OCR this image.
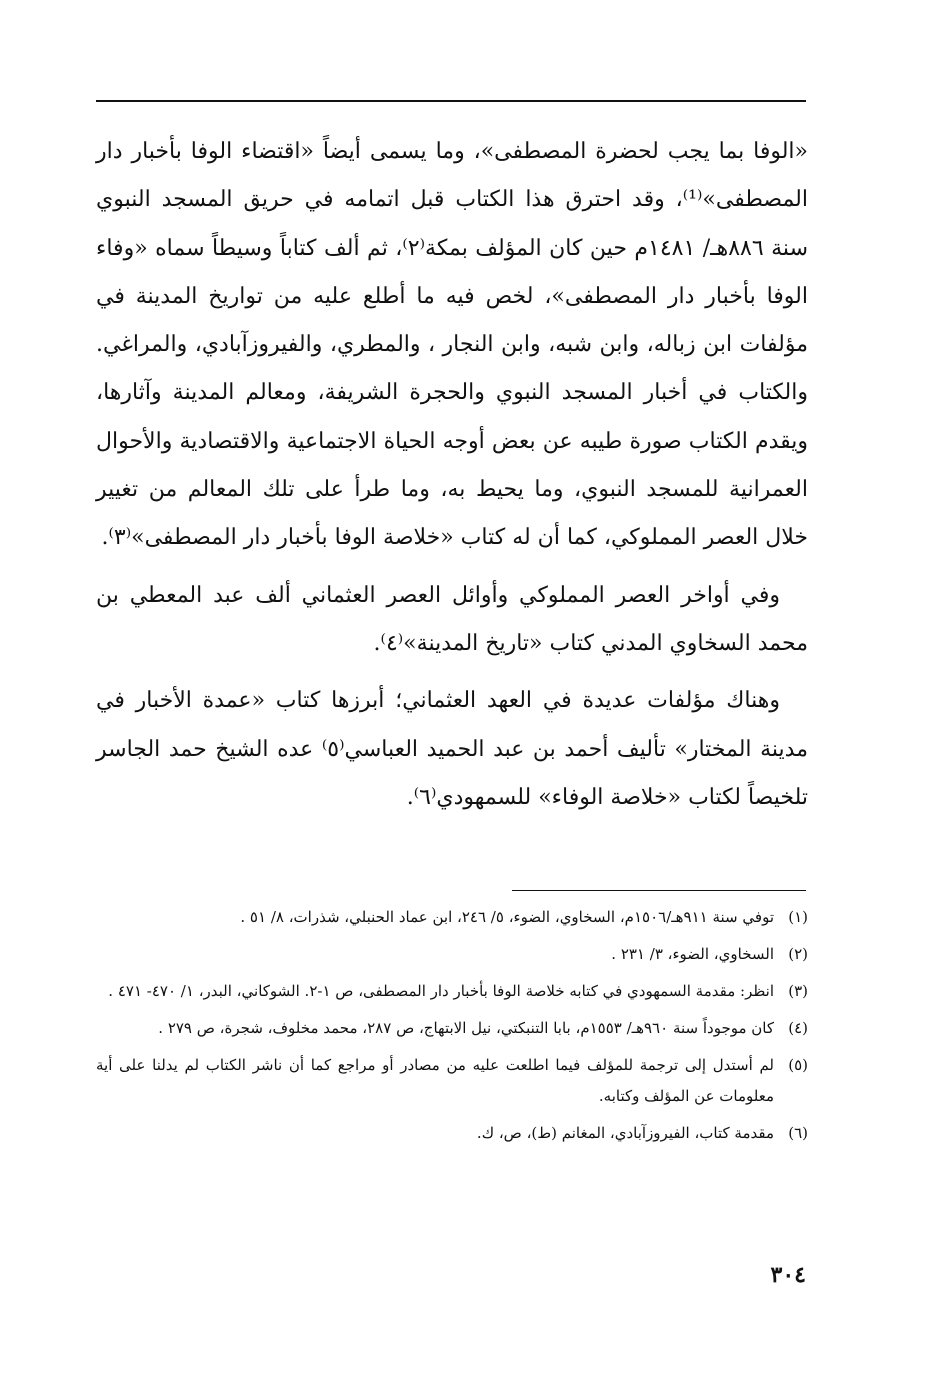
«الوفا بما يجب لحضرة المصطفى»، وما يسمى أيضاً «اقتضاء الوفا بأخبار دار المصطفى»⁽¹⁾، وقد احترق هذا الكتاب قبل اتمامه في حريق المسجد النبوي سنة ٨٨٦هـ/ ١٤٨١م حين كان المؤلف بمكة⁽٢⁾، ثم ألف كتاباً وسيطاً سماه «وفاء الوفا بأخبار دار المصطفى»، لخص فيه ما أطلع عليه من تواريخ المدينة في مؤلفات ابن زباله، وابن شبه، وابن النجار ، والمطري، والفيروزآبادي، والمراغي. والكتاب في أخبار المسجد النبوي والحجرة الشريفة، ومعالم المدينة وآثارها، ويقدم الكتاب صورة طيبه عن بعض أوجه الحياة الاجتماعية والاقتصادية والأحوال العمرانية للمسجد النبوي، وما يحيط به، وما طرأ على تلك المعالم من تغيير خلال العصر المملوكي، كما أن له كتاب «خلاصة الوفا بأخبار دار المصطفى»⁽٣⁾.

وفي أواخر العصر المملوكي وأوائل العصر العثماني ألف عبد المعطي بن محمد السخاوي المدني كتاب «تاريخ المدينة»⁽٤⁾.

وهناك مؤلفات عديدة في العهد العثماني؛ أبرزها كتاب «عمدة الأخبار في مدينة المختار» تأليف أحمد بن عبد الحميد العباسي⁽٥⁾ عده الشيخ حمد الجاسر تلخيصاً لكتاب «خلاصة الوفاء» للسمهودي⁽٦⁾.

(١)
توفي سنة ٩١١هـ/١٥٠٦م، السخاوي، الضوء، ٥/ ٢٤٦، ابن عماد الحنبلي، شذرات، ٨/ ٥١ .
(٢)
السخاوي، الضوء، ٣/ ٢٣١ .
(٣)
انظر: مقدمة السمهودي في كتابه خلاصة الوفا بأخبار دار المصطفى، ص ١-٢. الشوكاني، البدر، ١/ ٤٧٠- ٤٧١ .
(٤)
كان موجوداً سنة ٩٦٠هـ/ ١٥٥٣م، بابا التنبكتي، نيل الابتهاج، ص ٢٨٧، محمد مخلوف، شجرة، ص ٢٧٩ .
(٥)
لم أستدل إلى ترجمة للمؤلف فيما اطلعت عليه من مصادر أو مراجع كما أن ناشر الكتاب لم يدلنا على أية معلومات عن المؤلف وكتابه.
(٦)
مقدمة كتاب، الفيروزآبادي، المغانم (ط)، ص، ك.
٣٠٤
